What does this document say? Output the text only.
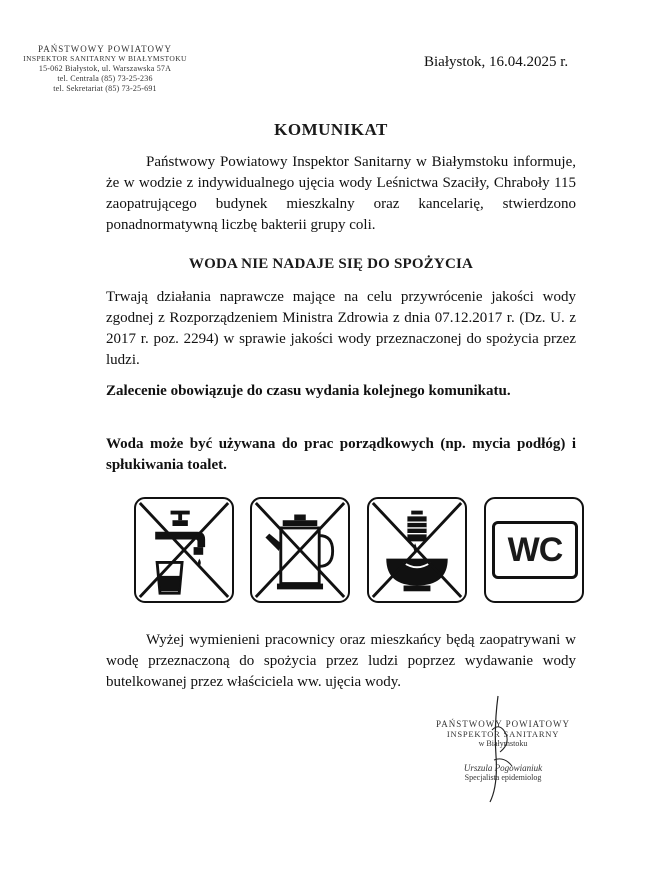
PAŃSTWOWY POWIATOWY
INSPEKTOR SANITARNY W BIAŁYMSTOKU
15-062 Białystok, ul. Warszawska 57A
tel. Centrala (85) 73-25-236
tel. Sekretariat (85) 73-25-691
Białystok, 16.04.2025 r.
KOMUNIKAT
Państwowy Powiatowy Inspektor Sanitarny w Białymstoku informuje, że w wodzie z indywidualnego ujęcia wody Leśnictwa Szaciły, Chraboły 115 zaopatrującego budynek mieszkalny oraz kancelarię, stwierdzono ponadnormatywną liczbę bakterii grupy coli.
WODA NIE NADAJE SIĘ DO SPOŻYCIA
Trwają działania naprawcze mające na celu przywrócenie jakości wody zgodnej z Rozporządzeniem Ministra Zdrowia z dnia 07.12.2017 r. (Dz. U. z 2017 r. poz. 2294) w sprawie jakości wody przeznaczonej do spożycia przez ludzi.
Zalecenie obowiązuje do czasu wydania kolejnego komunikatu.
Woda może być używana do prac porządkowych (np. mycia podłóg) i spłukiwania toalet.
WC
Wyżej wymienieni pracownicy oraz mieszkańcy będą zaopatrywani w wodę przeznaczoną do spożycia przez ludzi poprzez wydawanie wody butelkowanej przez właściciela ww. ujęcia wody.
PAŃSTWOWY POWIATOWY
INSPEKTOR SANITARNY
w Białymstoku
Urszula Pogowianiuk
Specjalista epidemiolog
